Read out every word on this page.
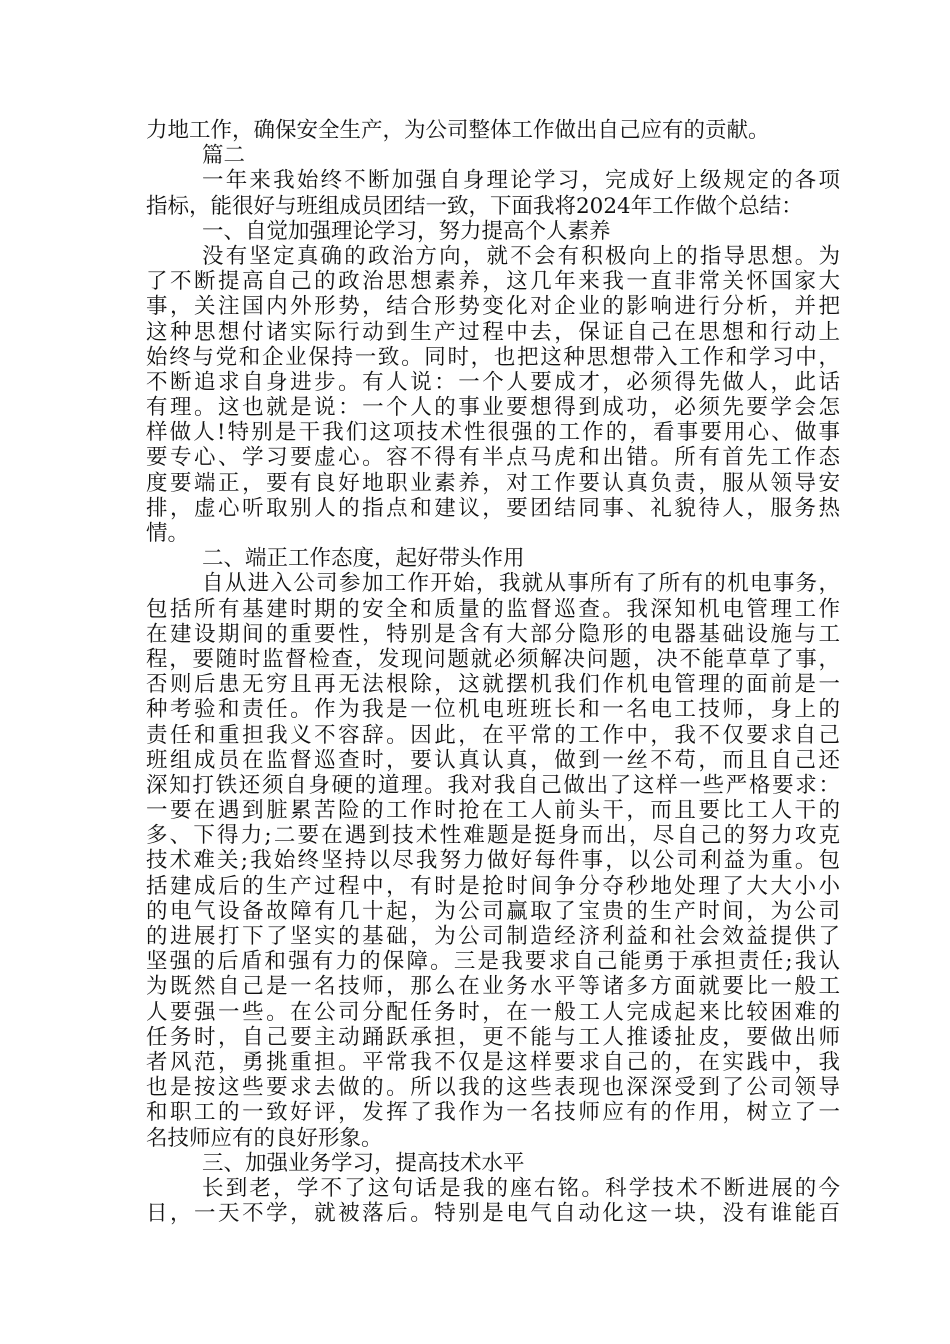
力地工作，确保安全生产，为公司整体工作做出自己应有的贡献。
篇二
一年来我始终不断加强自身理论学习，完成好上级规定的各项
指标，能很好与班组成员团结一致，下面我将2024年工作做个总结：
一、自觉加强理论学习，努力提高个人素养
没有坚定真确的政治方向，就不会有积极向上的指导思想。为
了不断提高自己的政治思想素养，这几年来我一直非常关怀国家大
事，关注国内外形势，结合形势变化对企业的影响进行分析，并把
这种思想付诸实际行动到生产过程中去，保证自己在思想和行动上
始终与党和企业保持一致。同时，也把这种思想带入工作和学习中，
不断追求自身进步。有人说：一个人要成才，必须得先做人，此话
有理。这也就是说：一个人的事业要想得到成功，必须先要学会怎
样做人!特别是干我们这项技术性很强的工作的，看事要用心、做事
要专心、学习要虚心。容不得有半点马虎和出错。所有首先工作态
度要端正，要有良好地职业素养，对工作要认真负责，服从领导安
排，虚心听取别人的指点和建议，要团结同事、礼貌待人，服务热
情。
二、端正工作态度，起好带头作用
自从进入公司参加工作开始，我就从事所有了所有的机电事务，
包括所有基建时期的安全和质量的监督巡查。我深知机电管理工作
在建设期间的重要性，特别是含有大部分隐形的电器基础设施与工
程，要随时监督检查，发现问题就必须解决问题，决不能草草了事，
否则后患无穷且再无法根除，这就摆机我们作机电管理的面前是一
种考验和责任。作为我是一位机电班班长和一名电工技师，身上的
责任和重担我义不容辞。因此，在平常的工作中，我不仅要求自己
班组成员在监督巡查时，要认真认真，做到一丝不苟，而且自己还
深知打铁还须自身硬的道理。我对我自己做出了这样一些严格要求：
一要在遇到脏累苦险的工作时抢在工人前头干，而且要比工人干的
多、下得力;二要在遇到技术性难题是挺身而出，尽自己的努力攻克
技术难关;我始终坚持以尽我努力做好每件事，以公司利益为重。包
括建成后的生产过程中，有时是抢时间争分夺秒地处理了大大小小
的电气设备故障有几十起，为公司赢取了宝贵的生产时间，为公司
的进展打下了坚实的基础，为公司制造经济利益和社会效益提供了
坚强的后盾和强有力的保障。三是我要求自己能勇于承担责任;我认
为既然自己是一名技师，那么在业务水平等诸多方面就要比一般工
人要强一些。在公司分配任务时，在一般工人完成起来比较困难的
任务时，自己要主动踊跃承担，更不能与工人推诿扯皮，要做出师
者风范，勇挑重担。平常我不仅是这样要求自己的，在实践中，我
也是按这些要求去做的。所以我的这些表现也深深受到了公司领导
和职工的一致好评，发挥了我作为一名技师应有的作用，树立了一
名技师应有的良好形象。
三、加强业务学习，提高技术水平
长到老，学不了这句话是我的座右铭。科学技术不断进展的今
日，一天不学，就被落后。特别是电气自动化这一块，没有谁能百
